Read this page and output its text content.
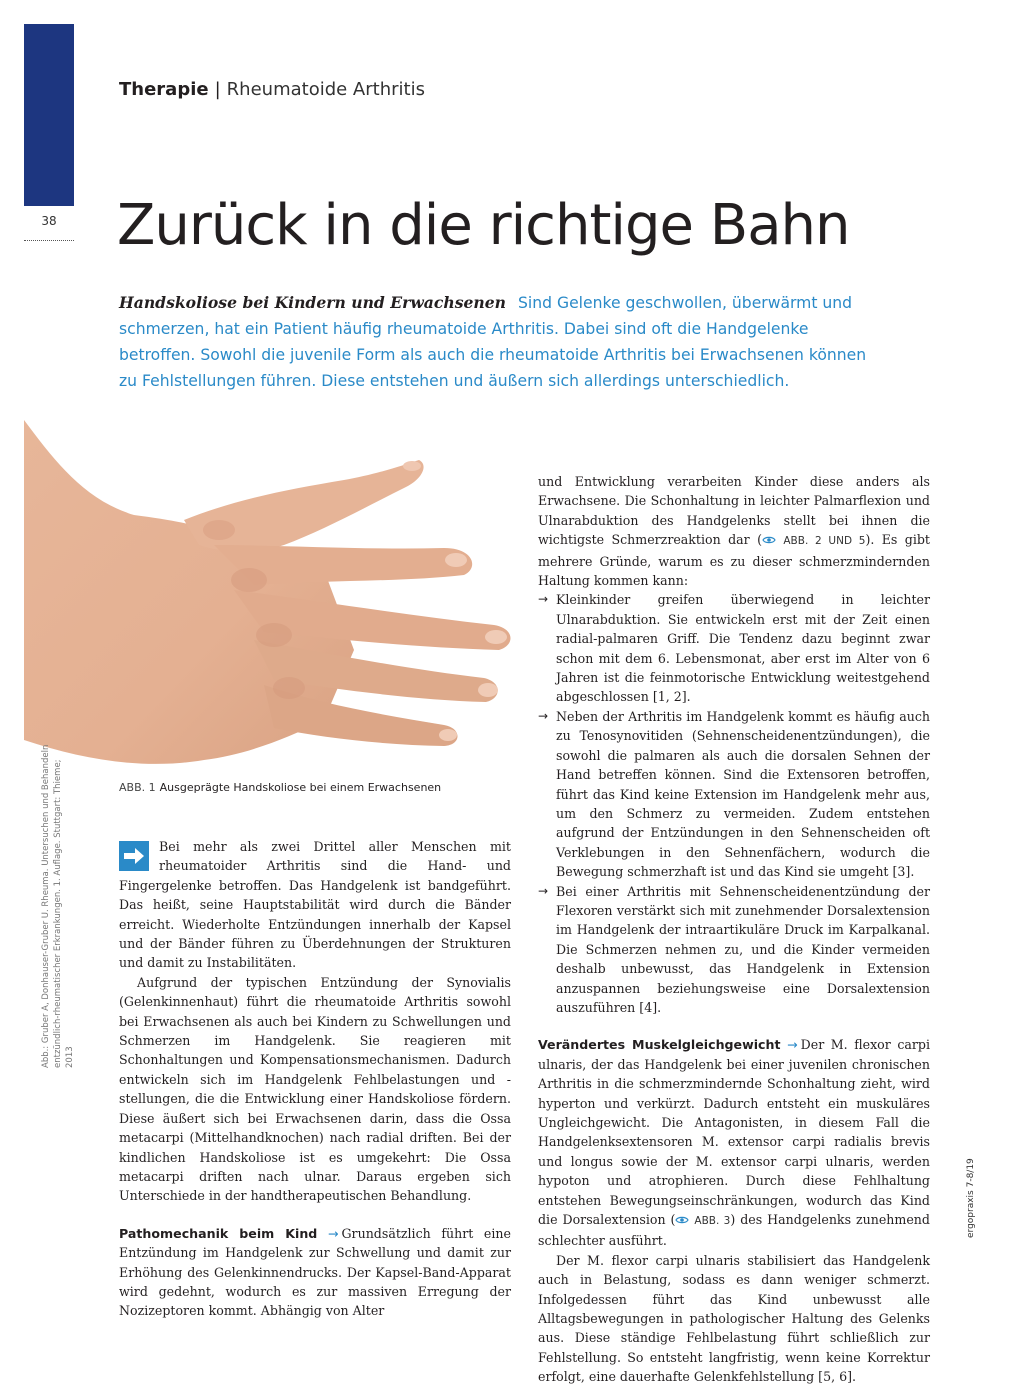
38
Therapie | Rheumatoide Arthritis
Zurück in die richtige Bahn
Handskoliose bei Kindern und Erwachsenen Sind Gelenke geschwollen, überwärmt und schmerzen, hat ein Patient häufig rheumatoide Arthritis. Dabei sind oft die Handgelenke betroffen. Sowohl die juvenile Form als auch die rheumatoide Arthritis bei Erwachsenen können zu Fehlstellungen führen. Diese entstehen und äußern sich allerdings unterschiedlich.
ABB. 1 Ausgeprägte Handskoliose bei einem Erwachsenen
Abb.: Gruber A, Donhauser-Gruber U. Rheuma. Untersuchen und Behandeln entzündlich-rheumatischer Erkrankungen. 1. Auflage. Stuttgart: Thieme; 2013

Bei mehr als zwei Drittel aller Menschen mit rheumatoider Arthritis sind die Hand- und Fingergelenke betroffen. Das Handgelenk ist bandgeführt. Das heißt, seine Hauptstabilität wird durch die Bänder erreicht. Wiederholte Entzündungen innerhalb der Kapsel und der Bänder führen zu Überdehnungen der Strukturen und damit zu Instabilitäten.

Aufgrund der typischen Entzündung der Synovialis (Gelenkinnenhaut) führt die rheumatoide Arthritis sowohl bei Erwachsenen als auch bei Kindern zu Schwellungen und Schmerzen im Handgelenk. Sie reagieren mit Schonhaltungen und Kompensationsmechanismen. Dadurch entwickeln sich im Handgelenk Fehlbelastungen und -stellungen, die die Entwicklung einer Handskoliose fördern. Diese äußert sich bei Erwachsenen darin, dass die Ossa metacarpi (Mittelhandknochen) nach radial driften. Bei der kindlichen Handskoliose ist es umgekehrt: Die Ossa metacarpi driften nach ulnar. Daraus ergeben sich Unterschiede in der handtherapeutischen Behandlung.

Pathomechanik beim Kind → Grundsätzlich führt eine Entzündung im Handgelenk zur Schwellung und damit zur Erhöhung des Gelenkinnendrucks. Der Kapsel-Band-Apparat wird gedehnt, wodurch es zur massiven Erregung der Nozizeptoren kommt. Abhängig von Alter

und Entwicklung verarbeiten Kinder diese anders als Erwachsene. Die Schonhaltung in leichter Palmarflexion und Ulnarabduktion des Handgelenks stellt bei ihnen die wichtigste Schmerzreaktion dar ( ABB. 2 UND 5). Es gibt mehrere Gründe, warum es zu dieser schmerzmindernden Haltung kommen kann:

→ Kleinkinder greifen überwiegend in leichter Ulnarabduktion. Sie entwickeln erst mit der Zeit einen radial-palmaren Griff. Die Tendenz dazu beginnt zwar schon mit dem 6. Lebensmonat, aber erst im Alter von 6 Jahren ist die feinmotorische Entwicklung weitestgehend abgeschlossen [1, 2].
→ Neben der Arthritis im Handgelenk kommt es häufig auch zu Tenosynovitiden (Sehnenscheidenentzündungen), die sowohl die palmaren als auch die dorsalen Sehnen der Hand betreffen können. Sind die Extensoren betroffen, führt das Kind keine Extension im Handgelenk mehr aus, um den Schmerz zu vermeiden. Zudem entstehen aufgrund der Entzündungen in den Sehnenscheiden oft Verklebungen in den Sehnenfächern, wodurch die Bewegung schmerzhaft ist und das Kind sie umgeht [3].
→ Bei einer Arthritis mit Sehnenscheidenentzündung der Flexoren verstärkt sich mit zunehmender Dorsalextension im Handgelenk der intraartikuläre Druck im Karpalkanal. Die Schmerzen nehmen zu, und die Kinder vermeiden deshalb unbewusst, das Handgelenk in Extension anzuspannen beziehungsweise eine Dorsalextension auszuführen [4].

Verändertes Muskelgleichgewicht → Der M. flexor carpi ulnaris, der das Handgelenk bei einer juvenilen chronischen Arthritis in die schmerzmindernde Schonhaltung zieht, wird hyperton und verkürzt. Dadurch entsteht ein muskuläres Ungleichgewicht. Die Antagonisten, in diesem Fall die Handgelenksextensoren M. extensor carpi radialis brevis und longus sowie der M. extensor carpi ulnaris, werden hypoton und atrophieren. Durch diese Fehlhaltung entstehen Bewegungseinschränkungen, wodurch das Kind die Dorsalextension ( ABB. 3) des Handgelenks zunehmend schlechter ausführt.

Der M. flexor carpi ulnaris stabilisiert das Handgelenk auch in Belastung, sodass es dann weniger schmerzt. Infolgedessen führt das Kind unbewusst alle Alltagsbewegungen in pathologischer Haltung des Gelenks aus. Diese ständige Fehlbelastung führt schließlich zur Fehlstellung. So entsteht langfristig, wenn keine Korrektur erfolgt, eine dauerhafte Gelenkfehlstellung [5, 6].

ergopraxis 7-8/19
